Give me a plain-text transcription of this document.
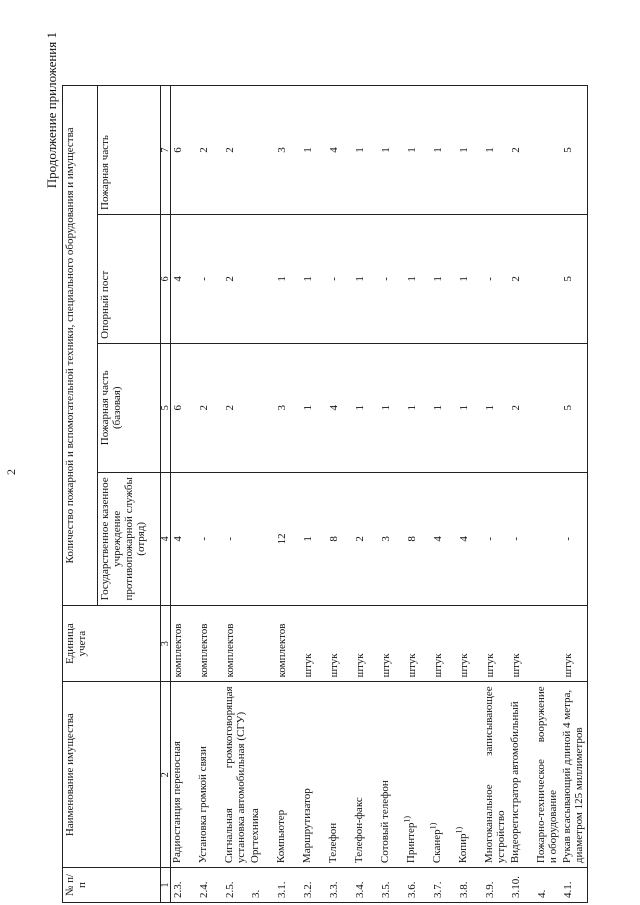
2
Продолжение приложения 1
№ п/п	Наименование имущества	Единица учета	Количество пожарной и вспомогательной техники, специального оборудования и имущества			
			Государственное казенное учреждение противопожарной службы (отряд)	Пожарная часть (базовая)	Опорный пост	Пожарная часть
1	2	3	4	5	6	7
2.3.	Радиостанция переносная	комплектов	4	6	4	6
2.4.	Установка громкой связи	комплектов	-	2	-	2
2.5.	Сигнальная
громкоговорящая установка автомобильная (СГУ)	комплектов	-	2	2	2
3.	Оргтехника					
3.1.	Компьютер	комплектов	12	3	1	3
3.2.	Маршрутизатор	штук	1	1	1	1
3.3.	Телефон	штук	8	4	-	4
3.4.	Телефон-факс	штук	2	1	1	1
3.5.	Сотовый телефон	штук	3	1	-	1
3.6.	Принтер$^{1)}$	штук	8	1	1	1
3.7.	Сканер$^{1)}$	штук	4	1	1	1
3.8.	Копир$^{1)}$	штук	4	1	1	1
3.9.	Многоканальное
записывающее
устройство	штук	-	1	-	1
3.10.	Видеорегистратор автомобильный	штук	-	2	2	2
4.	Пожарно-техническое
вооружение
и оборудование					

4.1.	Рукав всасывающий длиной 4 метра, диаметром 125 миллиметров	штук	-	5	5	5
